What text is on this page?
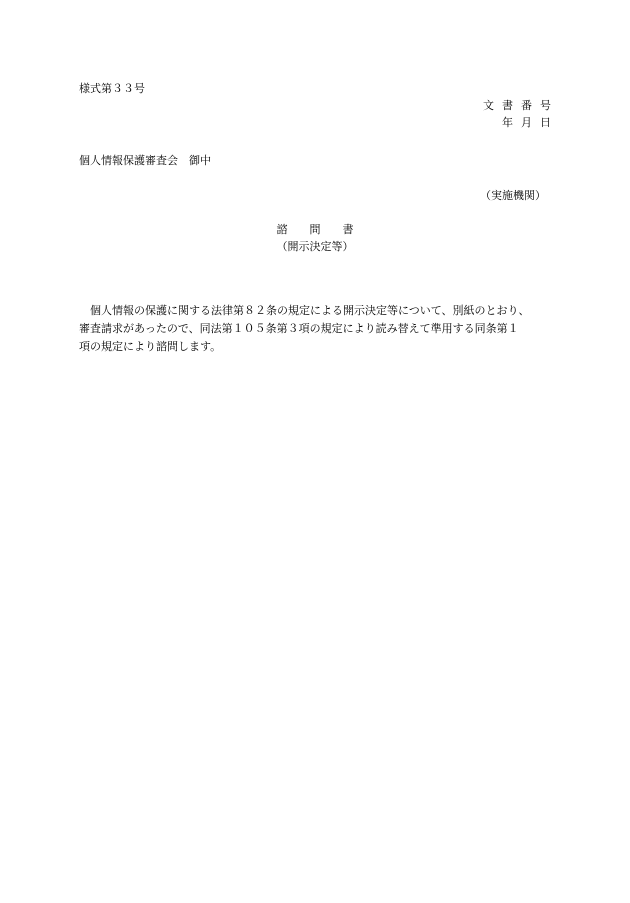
様式第３３号
文書番号
年月日
個人情報保護審査会　御中
（実施機関）
諮問書
（開示決定等）
　個人情報の保護に関する法律第８２条の規定による開示決定等について、別紙のとおり、
審査請求があったので、同法第１０５条第３項の規定により読み替えて準用する同条第１
項の規定により諮問します。
